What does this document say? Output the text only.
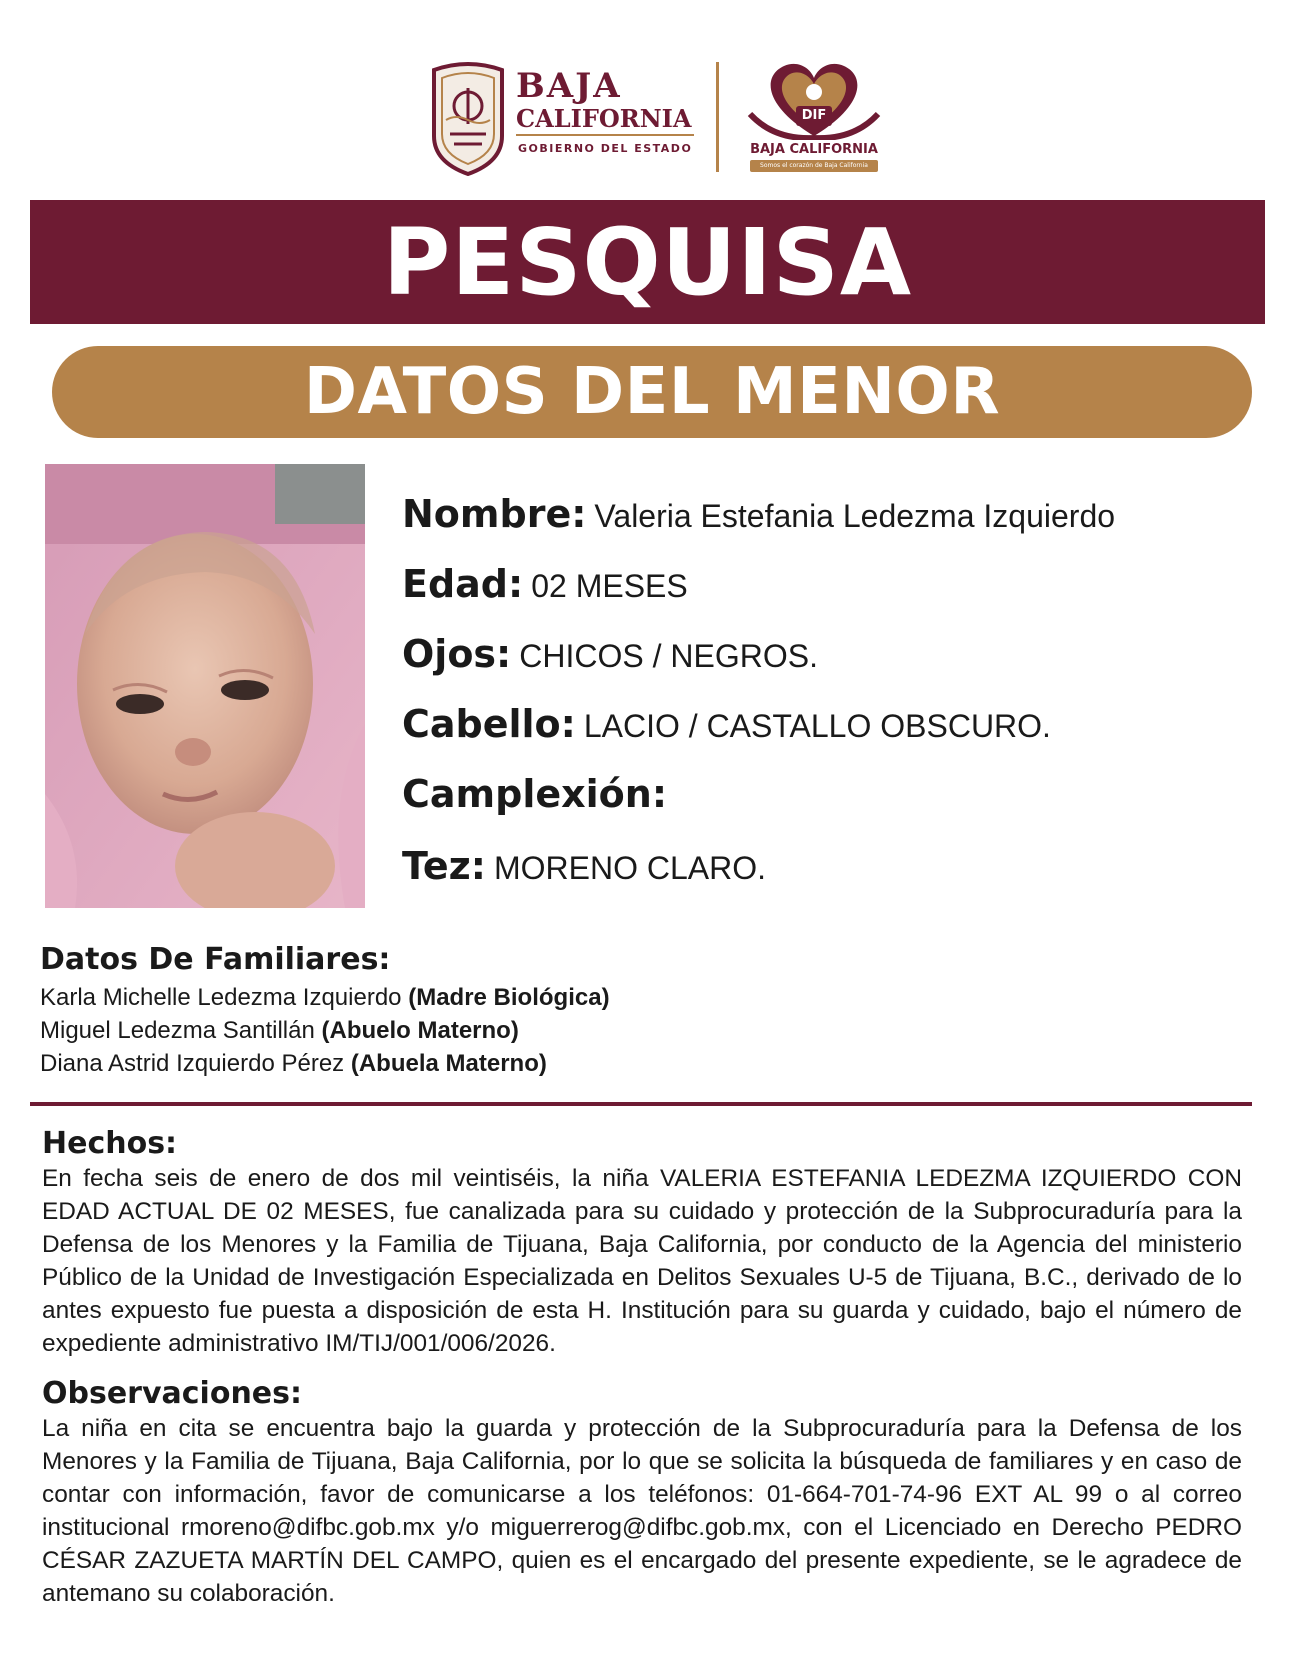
BAJA
CALIFORNIA
GOBIERNO DEL ESTADO
DIF
BAJA CALIFORNIA
Somos el corazón de Baja California
PESQUISA
DATOS DEL MENOR
Nombre: Valeria Estefania Ledezma Izquierdo
Edad: 02 MESES
Ojos: CHICOS / NEGROS.
Cabello: LACIO / CASTALLO OBSCURO.
Camplexión:
Tez: MORENO CLARO.
Datos De Familiares:
Karla Michelle Ledezma Izquierdo (Madre Biológica)
Miguel Ledezma Santillán (Abuelo Materno)
Diana Astrid Izquierdo Pérez (Abuela Materno)
Hechos:
En fecha seis de enero de dos mil veintiséis, la niña VALERIA ESTEFANIA LEDEZMA IZQUIERDO CON EDAD ACTUAL DE 02 MESES, fue canalizada para su cuidado y protección de la Subprocuraduría para la Defensa de los Menores y la Familia de Tijuana, Baja California, por conducto de la Agencia del ministerio Público de la Unidad de Investigación Especializada en Delitos Sexuales U-5 de Tijuana, B.C., derivado de lo antes expuesto fue puesta a disposición de esta H. Institución para su guarda y cuidado, bajo el número de expediente administrativo IM/TIJ/001/006/2026.
Observaciones:
La niña en cita se encuentra bajo la guarda y protección de la Subprocuraduría para la Defensa de los Menores y la Familia de Tijuana, Baja California, por lo que se solicita la búsqueda de familiares y en caso de contar con información, favor de comunicarse a los teléfonos: 01-664-701-74-96 EXT AL 99 o al correo institucional rmoreno@difbc.gob.mx y/o miguerrerog@difbc.gob.mx, con el Licenciado en Derecho PEDRO CÉSAR ZAZUETA MARTÍN DEL CAMPO, quien es el encargado del presente expediente, se le agradece de antemano su colaboración.
